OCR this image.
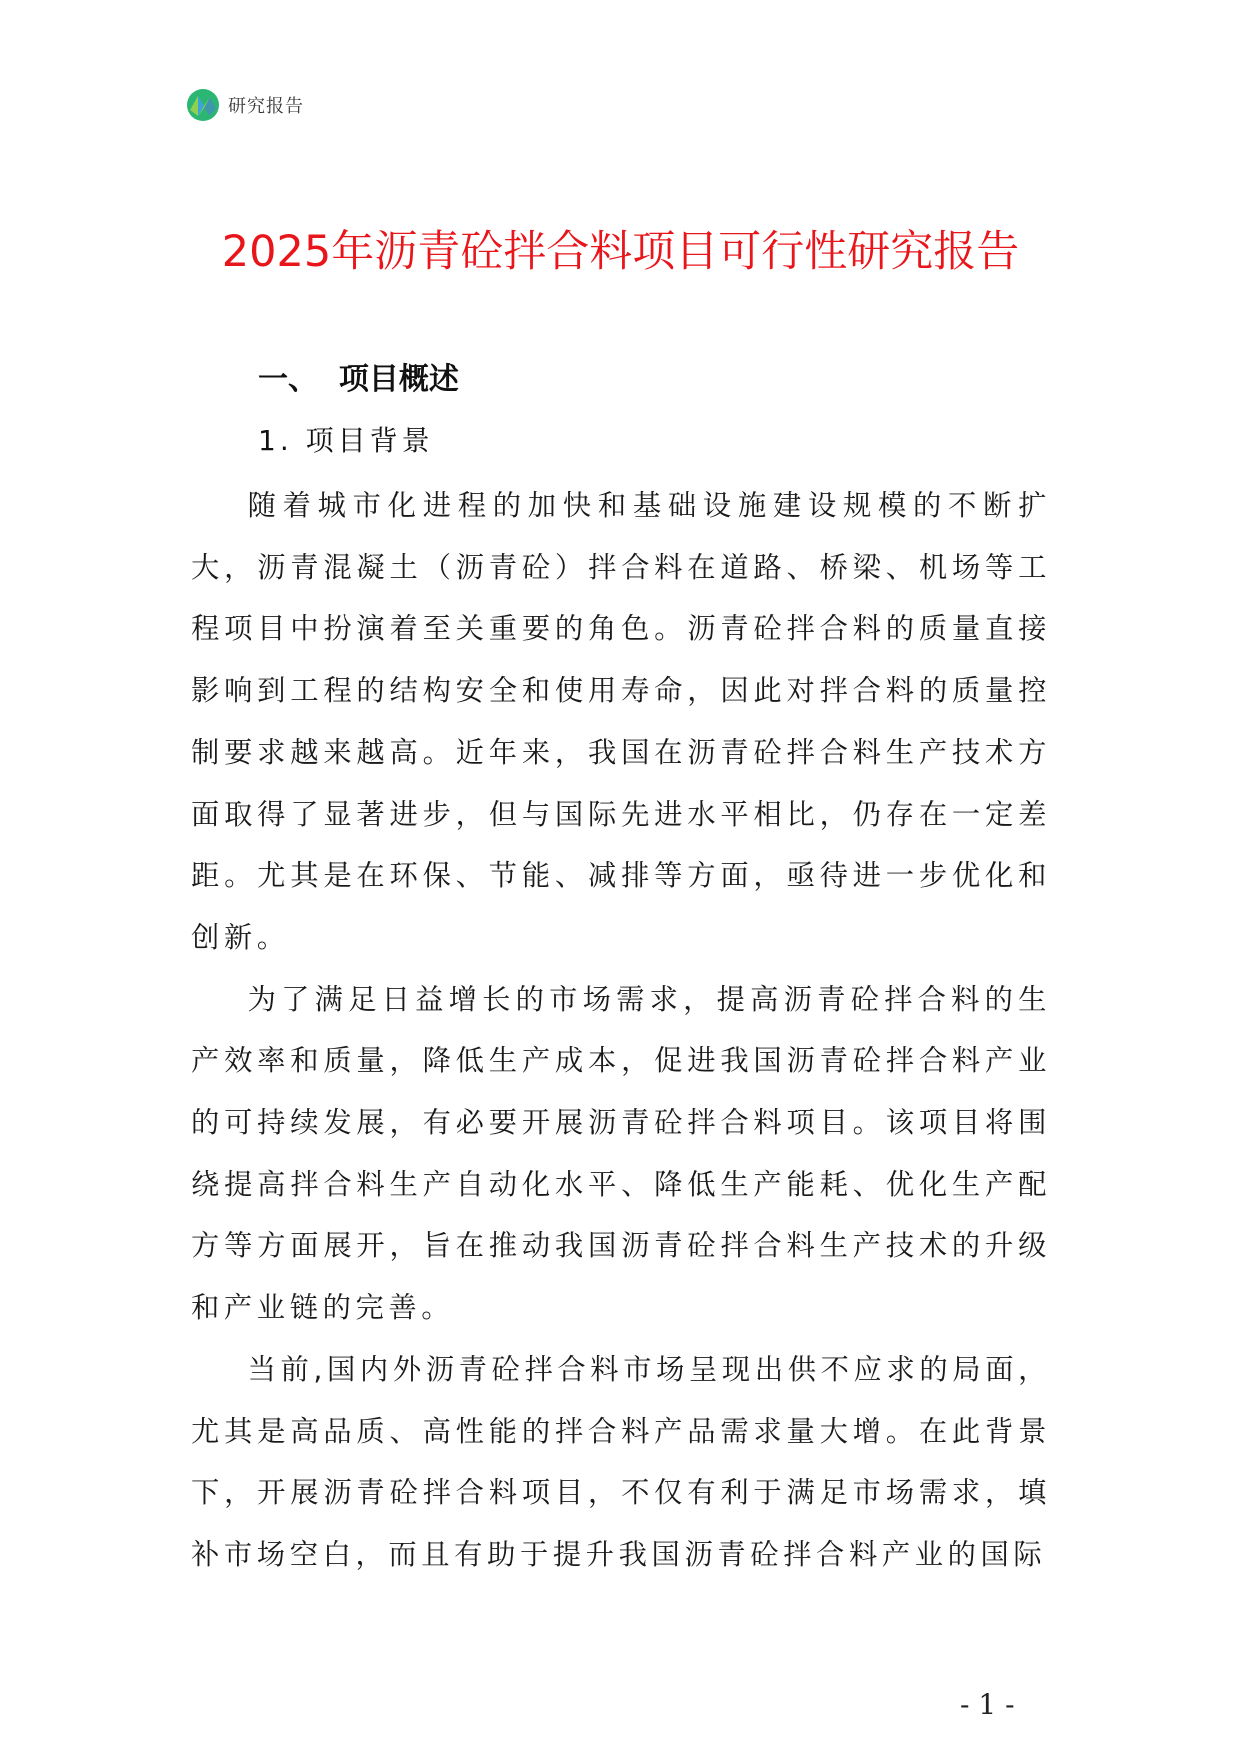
研究报告
2025年沥青砼拌合料项目可行性研究报告
一、  项目概述
1. 项目背景

随着城市化进程的加快和基础设施建设规模的不断扩大，沥青混凝土（沥青砼）拌合料在道路、桥梁、机场等工程项目中扮演着至关重要的角色。沥青砼拌合料的质量直接影响到工程的结构安全和使用寿命，因此对拌合料的质量控制要求越来越高。近年来，我国在沥青砼拌合料生产技术方面取得了显著进步，但与国际先进水平相比，仍存在一定差距。尤其是在环保、节能、减排等方面，亟待进一步优化和创新。

为了满足日益增长的市场需求，提高沥青砼拌合料的生产效率和质量，降低生产成本，促进我国沥青砼拌合料产业的可持续发展，有必要开展沥青砼拌合料项目。该项目将围绕提高拌合料生产自动化水平、降低生产能耗、优化生产配方等方面展开，旨在推动我国沥青砼拌合料生产技术的升级和产业链的完善。

当前,国内外沥青砼拌合料市场呈现出供不应求的局面，尤其是高品质、高性能的拌合料产品需求量大增。在此背景下，开展沥青砼拌合料项目，不仅有利于满足市场需求，填补市场空白，而且有助于提升我国沥青砼拌合料产业的国际

- 1 -
